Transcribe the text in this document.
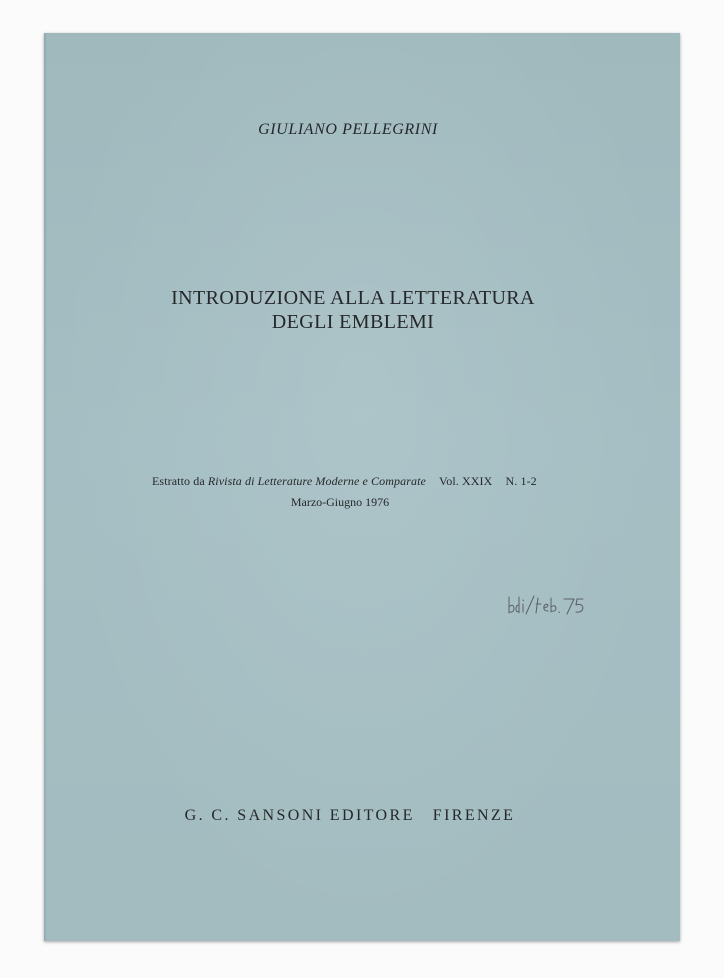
GIULIANO PELLEGRINI
INTRODUZIONE ALLA LETTERATURA
DEGLI EMBLEMI
Estratto da Rivista di Letterature Moderne e Comparate Vol. XXIX N. 1-2
Marzo-Giugno 1976
G. C. SANSONI EDITORE FIRENZE
